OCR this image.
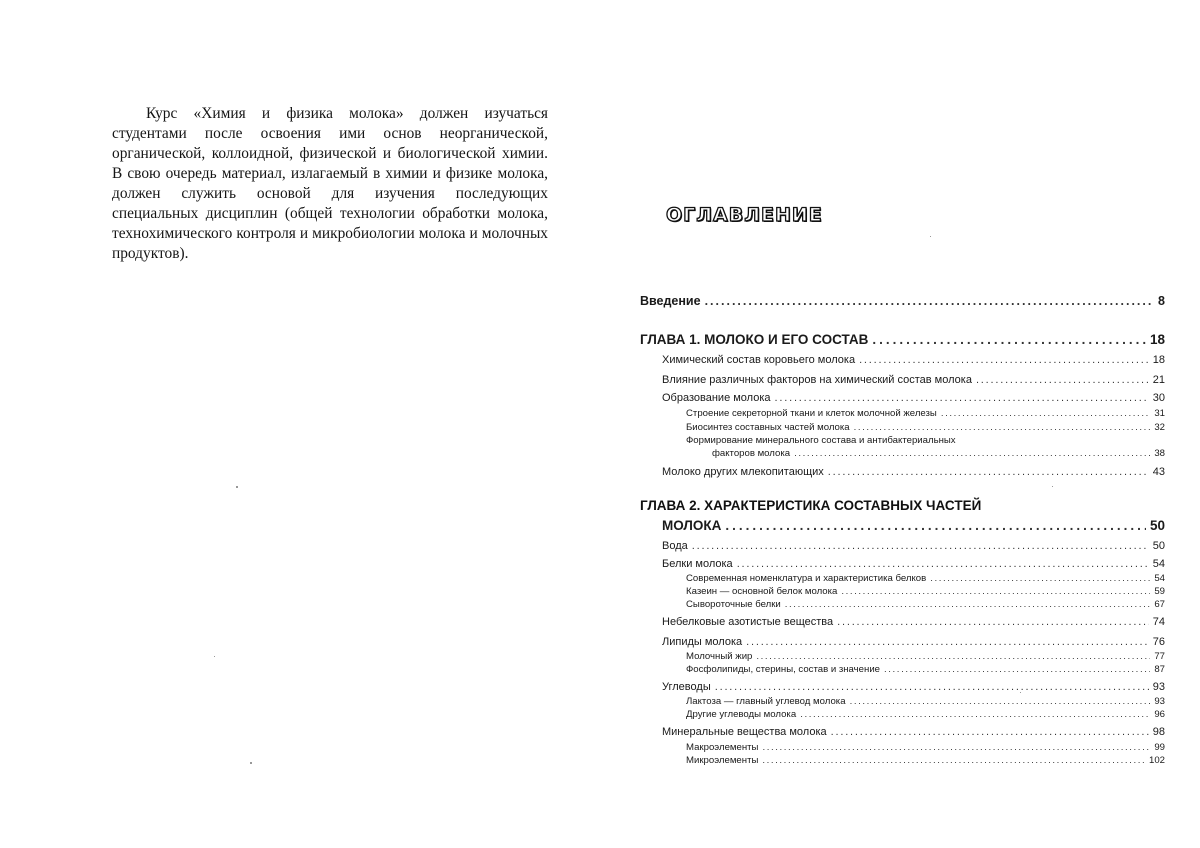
Курс «Химия и физика молока» должен изучаться студентами после освоения ими основ неорганической, органической, коллоидной, физической и биологической химии. В свою очередь материал, излагаемый в химии и физике молока, должен служить основой для изучения последующих специальных дисциплин (общей технологии обработки молока, технохимического контроля и микробиологии молока и молочных продуктов).

ОГЛАВЛЕНИЕ
Введение .....	8
ГЛАВА 1. МОЛОКО И ЕГО СОСТАВ .....	18
Химический состав коровьего молока .....	18
Влияние различных факторов на химический состав молока .....	21
Образование молока .....	30
Строение секреторной ткани и клеток молочной железы .....	31
Биосинтез составных частей молока .....	32
Формирование минерального состава и антибактериальных
факторов молока .....	38
Молоко других млекопитающих .....	43
ГЛАВА 2. ХАРАКТЕРИСТИКА СОСТАВНЫХ ЧАСТЕЙ
МОЛОКА .....	50
Вода .....	50
Белки молока .....	54
Современная номенклатура и характеристика белков .....	54
Казеин — основной белок молока .....	59
Сывороточные белки .....	67
Небелковые азотистые вещества .....	74
Липиды молока .....	76
Молочный жир .....	77
Фосфолипиды, стерины, состав и значение .....	87
Углеводы .....	93
Лактоза — главный углевод молока .....	93
Другие углеводы молока .....	96
Минеральные вещества молока .....	98
Макроэлементы .....	99
Микроэлементы .....	102
